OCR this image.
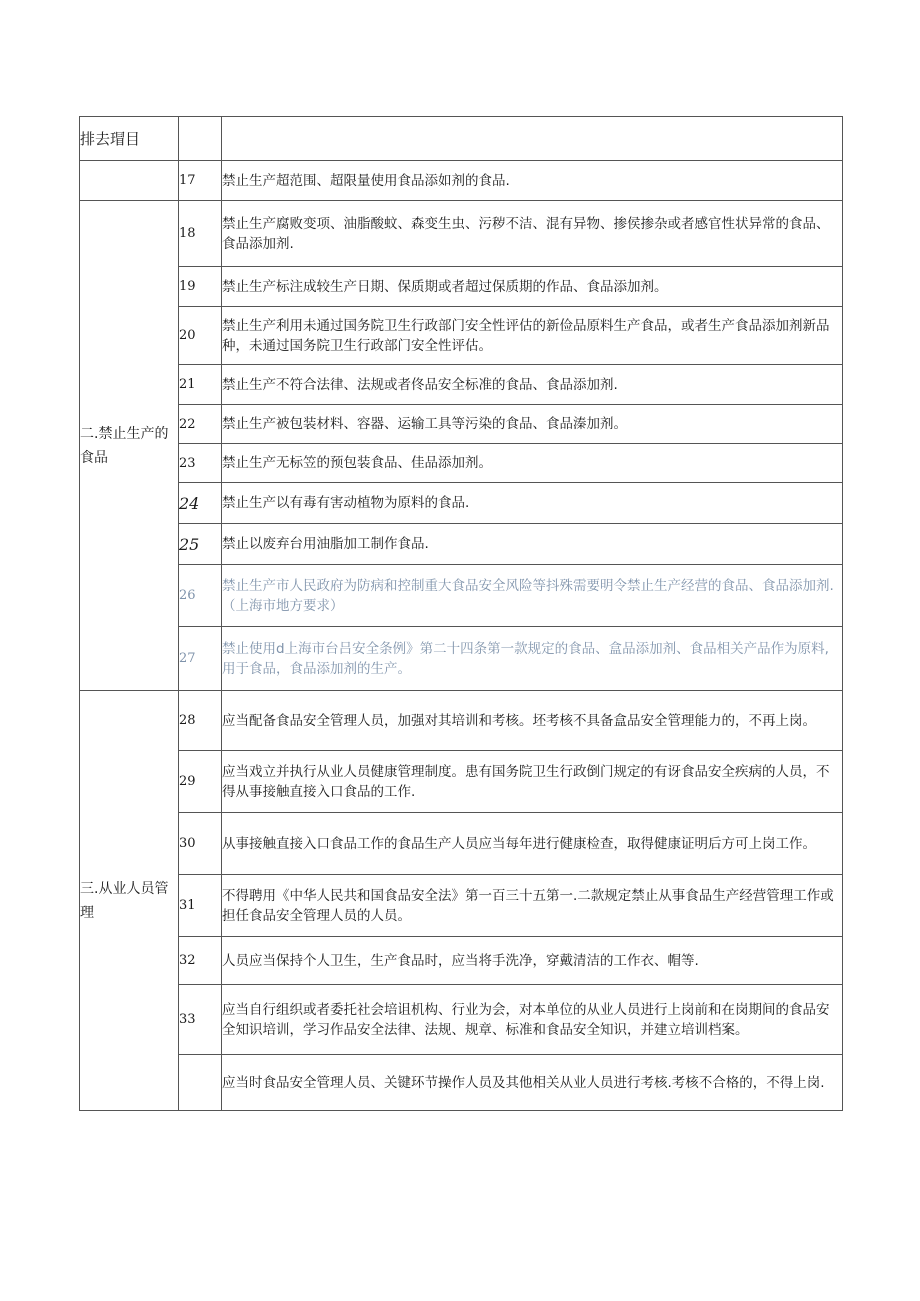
排去瑁目		
	17	禁止生产超范围、超限量使用食品添如剂的食品.
二.禁止生产的食品	18	禁止生产腐败变项、油脂酸蚊、森变生虫、污秽不洁、混有异物、掺侯掺杂或者感官性状异常的食品、食品添加剂.
	19	禁止生产标注成较生产日期、保质期或者超过保质期的作品、食品添加剂。
	20	禁止生产利用未通过国务院卫生行政部门安全性评估的新俭品原料生产食品，或者生产食品添加剂新品种，未通过国务院卫生行政部门安全性评估。
	21	禁止生产不符合法律、法规或者佟品安全标准的食品、食品添加剂.
	22	禁止生产被包装材料、容器、运输工具等污染的食品、食品溱加剂。
	23	禁止生产无标笠的预包装食品、佳品添加剂。
	24	禁止生产以有毒有害动植物为原料的食品.
	25	禁止以废弃台用油脂加工制作食品.
	26	禁止生产市人民政府为防病和控制重大食品安全风险等抖殊需要明令禁止生产经营的食品、食品添加剂.（上海市地方要求）
	27	禁止使用d上海市台吕安全条例》第二十四条第一款规定的食品、盒品添加剂、食品相关产品作为原料,用于食品，食品添加剂的生产。
三.从业人员管理	28	应当配备食品安全管理人员，加强对其培训和考核。坯考核不具备盒品安全管理能力的，不再上岗。
	29	应当戏立并执行从业人员健康管理制度。患有国务院卫生行政倒门规定的有讶食品安全疾病的人员，不得从事接触直接入口食品的工作.
	30	从事接触直接入口食品工作的食品生产人员应当每年进行健康检查，取得健康证明后方可上岗工作。
	31	不得聘用《中华人民共和国食品安全法》第一百三十五第一.二款规定禁止从事食品生产经营管理工作或担任食品安全管理人员的人员。
	32	人员应当保持个人卫生，生产食品时，应当将手洗净，穿戴清洁的工作衣、帽等.
	33	应当自行组织或者委托社会培诅机构、行业为会，对本单位的从业人员进行上岗前和在岗期间的食品安全知识培训，学习作品安全法律、法规、规章、标准和食品安全知识，并建立培训档案。
		应当时食品安全管理人员、关键环节操作人员及其他相关从业人员进行考核.考核不合格的，不得上岗.
